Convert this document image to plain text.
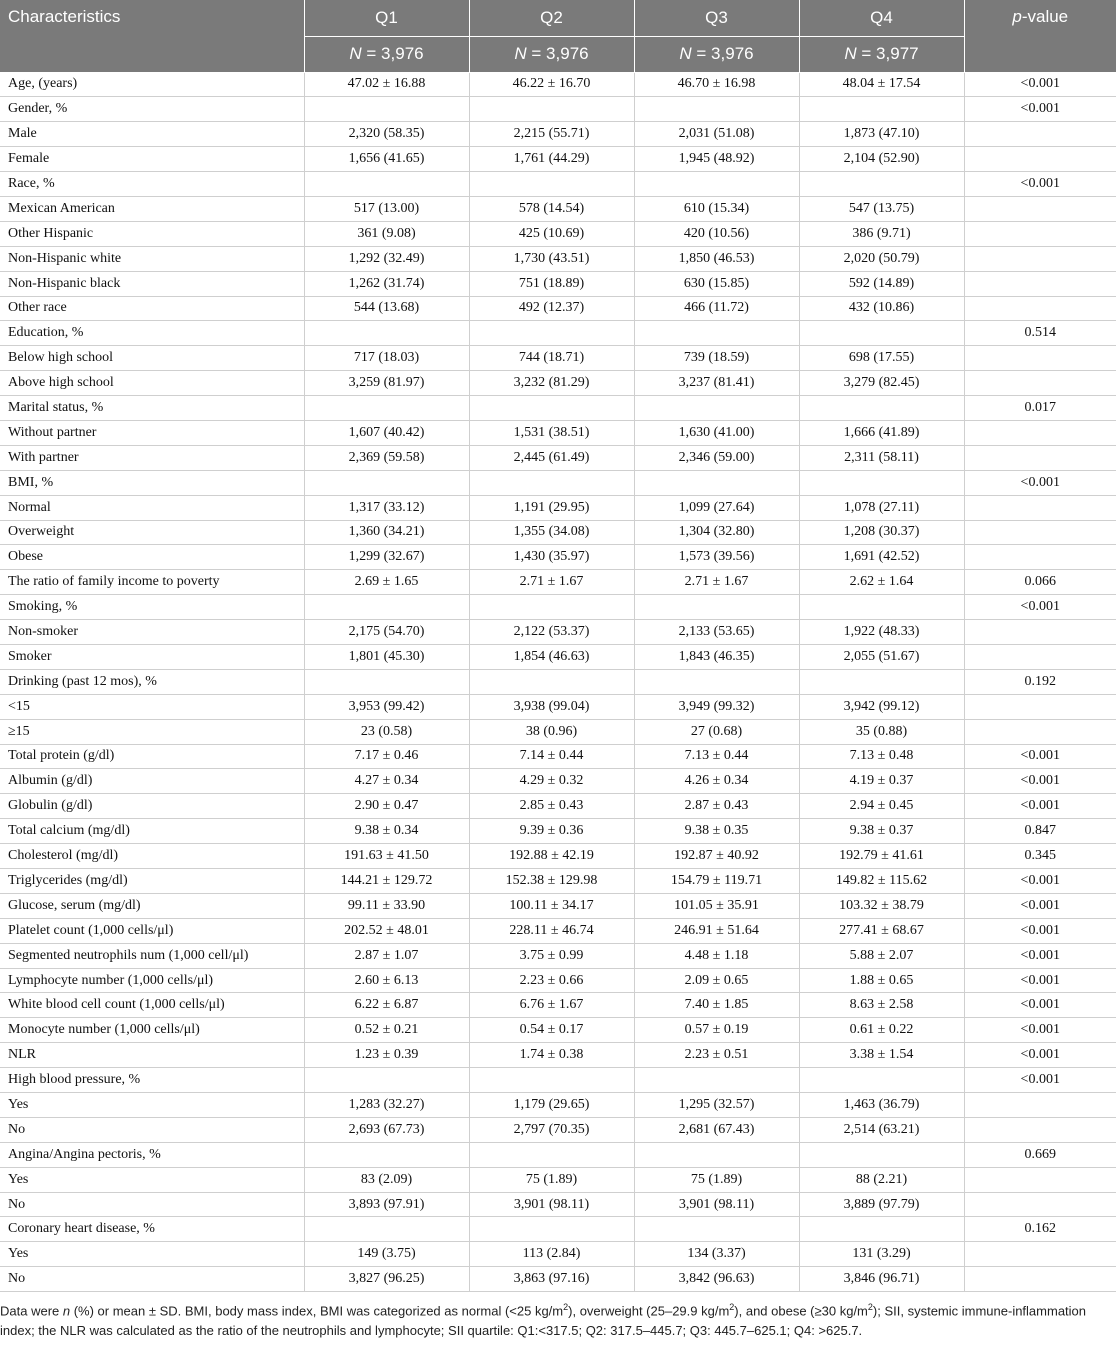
Characteristics	Q1	Q2	Q3	Q4	p-value
	N = 3,976	N = 3,976	N = 3,976	N = 3,977	
Age, (years)	47.02 ± 16.88	46.22 ± 16.70	46.70 ± 16.98	48.04 ± 17.54	<0.001
Gender, %					<0.001
Male	2,320 (58.35)	2,215 (55.71)	2,031 (51.08)	1,873 (47.10)	
Female	1,656 (41.65)	1,761 (44.29)	1,945 (48.92)	2,104 (52.90)	
Race, %					<0.001
Mexican American	517 (13.00)	578 (14.54)	610 (15.34)	547 (13.75)	
Other Hispanic	361 (9.08)	425 (10.69)	420 (10.56)	386 (9.71)	
Non-Hispanic white	1,292 (32.49)	1,730 (43.51)	1,850 (46.53)	2,020 (50.79)	
Non-Hispanic black	1,262 (31.74)	751 (18.89)	630 (15.85)	592 (14.89)	
Other race	544 (13.68)	492 (12.37)	466 (11.72)	432 (10.86)	
Education, %					0.514
Below high school	717 (18.03)	744 (18.71)	739 (18.59)	698 (17.55)	
Above high school	3,259 (81.97)	3,232 (81.29)	3,237 (81.41)	3,279 (82.45)	
Marital status, %					0.017
Without partner	1,607 (40.42)	1,531 (38.51)	1,630 (41.00)	1,666 (41.89)	
With partner	2,369 (59.58)	2,445 (61.49)	2,346 (59.00)	2,311 (58.11)	
BMI, %					<0.001
Normal	1,317 (33.12)	1,191 (29.95)	1,099 (27.64)	1,078 (27.11)	
Overweight	1,360 (34.21)	1,355 (34.08)	1,304 (32.80)	1,208 (30.37)	
Obese	1,299 (32.67)	1,430 (35.97)	1,573 (39.56)	1,691 (42.52)	
The ratio of family income to poverty	2.69 ± 1.65	2.71 ± 1.67	2.71 ± 1.67	2.62 ± 1.64	0.066
Smoking, %					<0.001
Non-smoker	2,175 (54.70)	2,122 (53.37)	2,133 (53.65)	1,922 (48.33)	
Smoker	1,801 (45.30)	1,854 (46.63)	1,843 (46.35)	2,055 (51.67)	
Drinking (past 12 mos), %					0.192
<15	3,953 (99.42)	3,938 (99.04)	3,949 (99.32)	3,942 (99.12)	
≥15	23 (0.58)	38 (0.96)	27 (0.68)	35 (0.88)	
Total protein (g/dl)	7.17 ± 0.46	7.14 ± 0.44	7.13 ± 0.44	7.13 ± 0.48	<0.001
Albumin (g/dl)	4.27 ± 0.34	4.29 ± 0.32	4.26 ± 0.34	4.19 ± 0.37	<0.001
Globulin (g/dl)	2.90 ± 0.47	2.85 ± 0.43	2.87 ± 0.43	2.94 ± 0.45	<0.001
Total calcium (mg/dl)	9.38 ± 0.34	9.39 ± 0.36	9.38 ± 0.35	9.38 ± 0.37	0.847
Cholesterol (mg/dl)	191.63 ± 41.50	192.88 ± 42.19	192.87 ± 40.92	192.79 ± 41.61	0.345
Triglycerides (mg/dl)	144.21 ± 129.72	152.38 ± 129.98	154.79 ± 119.71	149.82 ± 115.62	<0.001
Glucose, serum (mg/dl)	99.11 ± 33.90	100.11 ± 34.17	101.05 ± 35.91	103.32 ± 38.79	<0.001
Platelet count (1,000 cells/μl)	202.52 ± 48.01	228.11 ± 46.74	246.91 ± 51.64	277.41 ± 68.67	<0.001
Segmented neutrophils num (1,000 cell/μl)	2.87 ± 1.07	3.75 ± 0.99	4.48 ± 1.18	5.88 ± 2.07	<0.001
Lymphocyte number (1,000 cells/μl)	2.60 ± 6.13	2.23 ± 0.66	2.09 ± 0.65	1.88 ± 0.65	<0.001
White blood cell count (1,000 cells/μl)	6.22 ± 6.87	6.76 ± 1.67	7.40 ± 1.85	8.63 ± 2.58	<0.001
Monocyte number (1,000 cells/μl)	0.52 ± 0.21	0.54 ± 0.17	0.57 ± 0.19	0.61 ± 0.22	<0.001
NLR	1.23 ± 0.39	1.74 ± 0.38	2.23 ± 0.51	3.38 ± 1.54	<0.001
High blood pressure, %					<0.001
Yes	1,283 (32.27)	1,179 (29.65)	1,295 (32.57)	1,463 (36.79)	
No	2,693 (67.73)	2,797 (70.35)	2,681 (67.43)	2,514 (63.21)	
Angina/Angina pectoris, %					0.669
Yes	83 (2.09)	75 (1.89)	75 (1.89)	88 (2.21)	
No	3,893 (97.91)	3,901 (98.11)	3,901 (98.11)	3,889 (97.79)	
Coronary heart disease, %					0.162
Yes	149 (3.75)	113 (2.84)	134 (3.37)	131 (3.29)	
No	3,827 (96.25)	3,863 (97.16)	3,842 (96.63)	3,846 (96.71)	

Data were n (%) or mean ± SD. BMI, body mass index, BMI was categorized as normal (<25 $kg/m^2$), overweight (25–29.9 $kg/m^2$), and obese (≥30 $kg/m^2$); SII, systemic immune-inflammation index; the NLR was calculated as the ratio of the neutrophils and lymphocyte; SII quartile: Q1:<317.5; Q2: 317.5–445.7; Q3: 445.7–625.1; Q4: >625.7.
